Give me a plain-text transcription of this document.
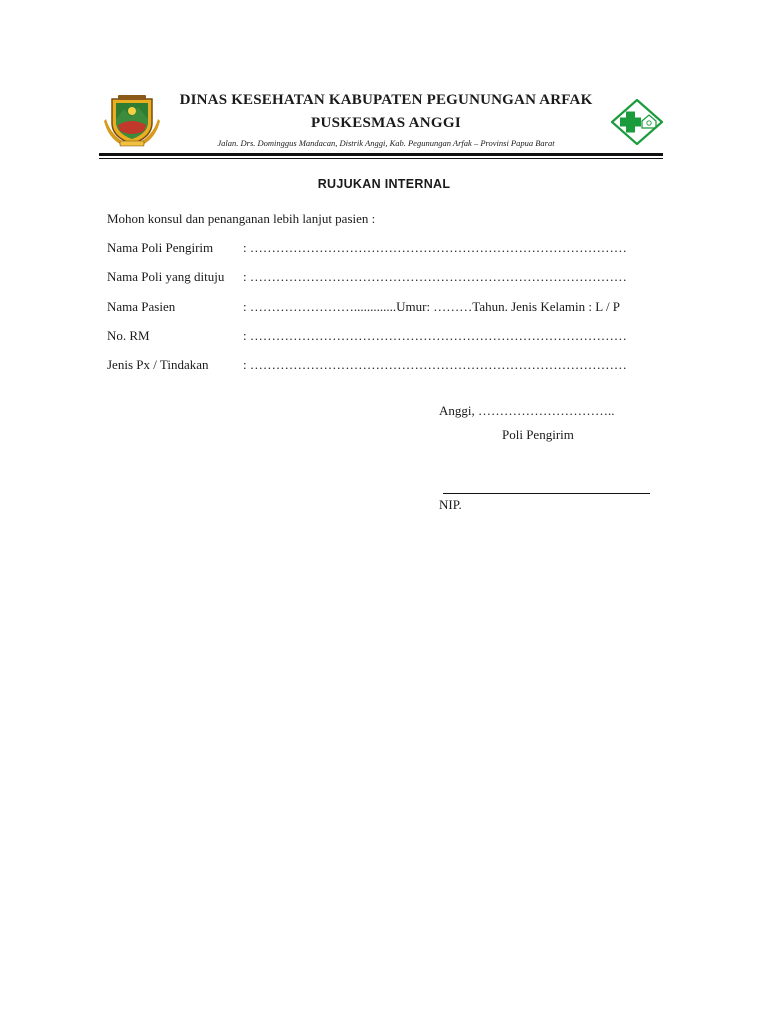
DINAS KESEHATAN KABUPATEN PEGUNUNGAN ARFAK
PUSKESMAS ANGGI
Jalan. Drs. Dominggus Mandacan, Distrik Anggi, Kab. Pegunungan Arfak – Provinsi Papua Barat
RUJUKAN INTERNAL
Mohon konsul dan penanganan lebih lanjut pasien :
Nama Poli Pengirim : ……………………………………………………………………………
Nama Poli yang dituju : ……………………………………………………………………………
Nama Pasien	: …………………….............Umur: ………Tahun. Jenis Kelamin : L / P
No. RM	: ……………………………………………………………………………
Jenis Px / Tindakan	: ……………………………………………………………………………
Anggi, …………………………..
Poli Pengirim
NIP.
